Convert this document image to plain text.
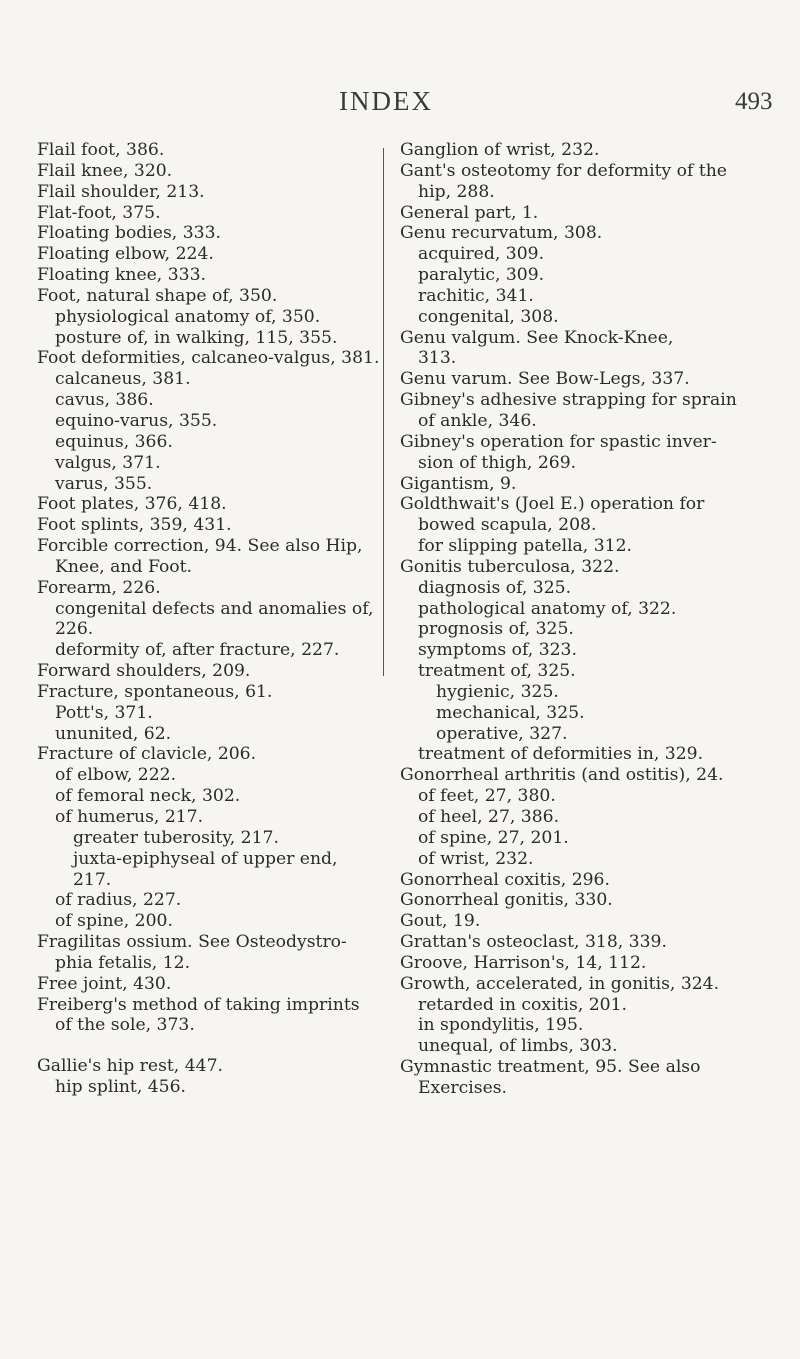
INDEX	493
Flail foot, 386.
Flail knee, 320.
Flail shoulder, 213.
Flat-foot, 375.
Floating bodies, 333.
Floating elbow, 224.
Floating knee, 333.
Foot, natural shape of, 350.
physiological anatomy of, 350.
posture of, in walking, 115, 355.
Foot deformities, calcaneo-valgus, 381.
calcaneus, 381.
cavus, 386.
equino-varus, 355.
equinus, 366.
valgus, 371.
varus, 355.
Foot plates, 376, 418.
Foot splints, 359, 431.
Forcible correction, 94. See also Hip,
Knee, and Foot.
Forearm, 226.
congenital defects and anomalies of,
226.
deformity of, after fracture, 227.
Forward shoulders, 209.
Fracture, spontaneous, 61.
Pott's, 371.
ununited, 62.
Fracture of clavicle, 206.
of elbow, 222.
of femoral neck, 302.
of humerus, 217.
greater tuberosity, 217.
juxta-epiphyseal of upper end,
217.
of radius, 227.
of spine, 200.
Fragilitas ossium. See Osteodystro-
phia fetalis, 12.
Free joint, 430.
Freiberg's method of taking imprints
of the sole, 373.
Gallie's hip rest, 447.
hip splint, 456.
Ganglion of wrist, 232.
Gant's osteotomy for deformity of the
hip, 288.
General part, 1.
Genu recurvatum, 308.
acquired, 309.
paralytic, 309.
rachitic, 341.
congenital, 308.
Genu valgum. See Knock-Knee,
313.
Genu varum. See Bow-Legs, 337.
Gibney's adhesive strapping for sprain
of ankle, 346.
Gibney's operation for spastic inver-
sion of thigh, 269.
Gigantism, 9.
Goldthwait's (Joel E.) operation for
bowed scapula, 208.
for slipping patella, 312.
Gonitis tuberculosa, 322.
diagnosis of, 325.
pathological anatomy of, 322.
prognosis of, 325.
symptoms of, 323.
treatment of, 325.
hygienic, 325.
mechanical, 325.
operative, 327.
treatment of deformities in, 329.
Gonorrheal arthritis (and ostitis), 24.
of feet, 27, 380.
of heel, 27, 386.
of spine, 27, 201.
of wrist, 232.
Gonorrheal coxitis, 296.
Gonorrheal gonitis, 330.
Gout, 19.
Grattan's osteoclast, 318, 339.
Groove, Harrison's, 14, 112.
Growth, accelerated, in gonitis, 324.
retarded in coxitis, 201.
in spondylitis, 195.
unequal, of limbs, 303.
Gymnastic treatment, 95. See also
Exercises.
